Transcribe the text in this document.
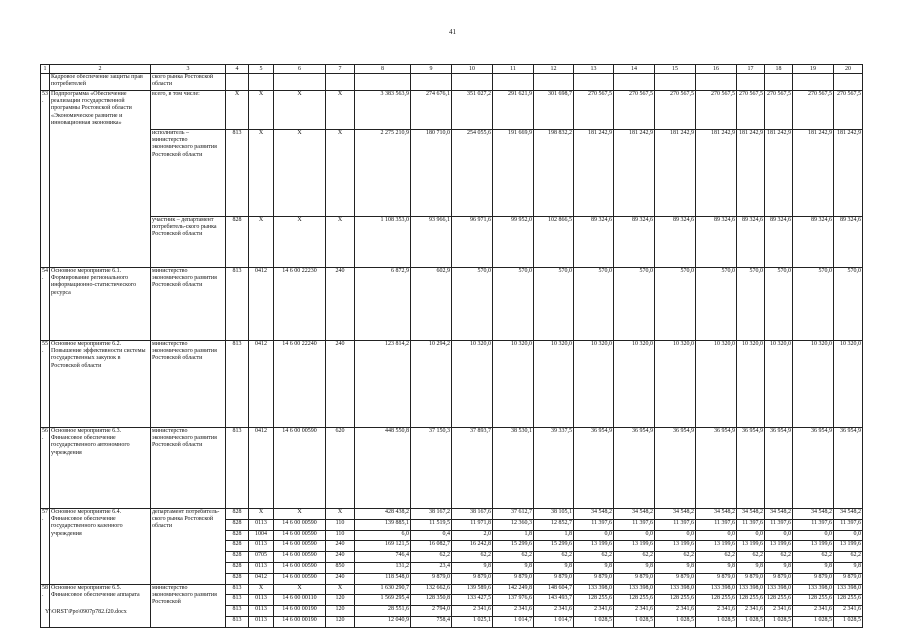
41
1	2	3	4	5	6	7	8	9	10	11	12	13	14	15	16	17	18	19	20
	Кадровое обеспечение защиты прав потребителей	ского рынка Ростовской области																	
53.	Подпрограмма «Обеспечение реализации государственной программы Ростовской области «Экономическое развитие и инновационная экономика»	всего, в том числе:	Х	Х	Х	Х	3 383 563,9	274 676,1	351 027,2	291 621,9	301 698,7	270 567,5	270 567,5	270 567,5	270 567,5	270 567,5	270 567,5	270 567,5	270 567,5
		исполнитель – министерство экономического развития Ростовской области	813	Х	Х	Х	2 275 210,9	180 710,0	254 055,6	191 669,9	198 832,2	181 242,9	181 242,9	181 242,9	181 242,9	181 242,9	181 242,9	181 242,9	181 242,9
		участник – департамент потребитель-ского рынка Ростовской области	828	Х	Х	Х	1 108 353,0	93 966,1	96 971,6	99 952,0	102 866,5	89 324,6	89 324,6	89 324,6	89 324,6	89 324,6	89 324,6	89 324,6	89 324,6
54.	Основное мероприятие 6.1. Формирование регионального информационно-статистического ресурса	министерство экономического развития Ростовской области	813	0412	14 6 00 22230	240	6 872,9	602,9	570,0	570,0	570,0	570,0	570,0	570,0	570,0	570,0	570,0	570,0	570,0
55.	Основное мероприятие 6.2. Повышение эффективности системы государственных закупок в Ростовской области	министерство экономического развития Ростовской области	813	0412	14 6 00 22240	240	123 814,2	10 294,2	10 320,0	10 320,0	10 320,0	10 320,0	10 320,0	10 320,0	10 320,0	10 320,0	10 320,0	10 320,0	10 320,0
56.	Основное мероприятие 6.3. Финансовое обеспечение государственного автономного учреждения	министерство экономического развития Ростовской области	813	0412	14 6 00 00590	620	448 550,8	37 150,3	37 893,7	38 530,1	39 337,5	36 954,9	36 954,9	36 954,9	36 954,9	36 954,9	36 954,9	36 954,9	36 954,9
57.	Основное мероприятие 6.4. Финансовое обеспечение государственного казенного учреждения	департамент потребитель-ского рынка Ростовской области	828	Х	Х	Х	428 438,2	38 167,2	38 167,6	37 612,7	38 105,1	34 548,2	34 548,2	34 548,2	34 548,2	34 548,2	34 548,2	34 548,2	34 548,2
			828	0113	14 6 00 00590	110	139 885,1	11 519,5	11 971,8	12 360,3	12 852,7	11 397,6	11 397,6	11 397,6	11 397,6	11 397,6	11 397,6	11 397,6	11 397,6
			828	1004	14 6 00 00590	110	6,0	0,4	2,0	1,8	1,8	0,0	0,0	0,0	0,0	0,0	0,0	0,0	0,0
			828	0113	14 6 00 00590	240	169 121,5	16 082,7	16 242,8	15 299,6	15 299,6	13 199,6	13 199,6	13 199,6	13 199,6	13 199,6	13 199,6	13 199,6	13 199,6
			828	0705	14 6 00 00590	240	746,4	62,2	62,2	62,2	62,2	62,2	62,2	62,2	62,2	62,2	62,2	62,2	62,2
			828	0113	14 6 00 00590	850	131,2	23,4	9,8	9,8	9,8	9,8	9,8	9,8	9,8	9,8	9,8	9,8	9,8
			828	0412	14 6 00 00590	240	118 548,0	9 879,0	9 879,0	9 879,0	9 879,0	9 879,0	9 879,0	9 879,0	9 879,0	9 879,0	9 879,0	9 879,0	9 879,0
58.	Основное мероприятие 6.5. Финансовое обеспечение аппарата	министерство экономического развития Ростовской	813	Х	Х	Х	1 630 290,7	132 662,6	139 589,6	142 249,8	148 604,7	133 398,0	133 398,0	133 398,0	133 398,0	133 398,0	133 398,0	133 398,0	133 398,0
			813	0113	14 6 00 00110	120	1 569 295,4	128 350,8	133 427,5	137 976,6	143 493,7	128 255,6	128 255,6	128 255,6	128 255,6	128 255,6	128 255,6	128 255,6	128 255,6
			813	0113	14 6 00 00190	120	28 551,6	2 794,0	2 341,6	2 341,6	2 341,6	2 341,6	2 341,6	2 341,6	2 341,6	2 341,6	2 341,6	2 341,6	2 341,6
			813	0113	14 6 00 00190	120	12 040,9	758,4	1 025,1	1 014,7	1 014,7	1 028,5	1 028,5	1 028,5	1 028,5	1 028,5	1 028,5	1 028,5	1 028,5
Y:\ORST\Ppo\0907p782.f20.docx
